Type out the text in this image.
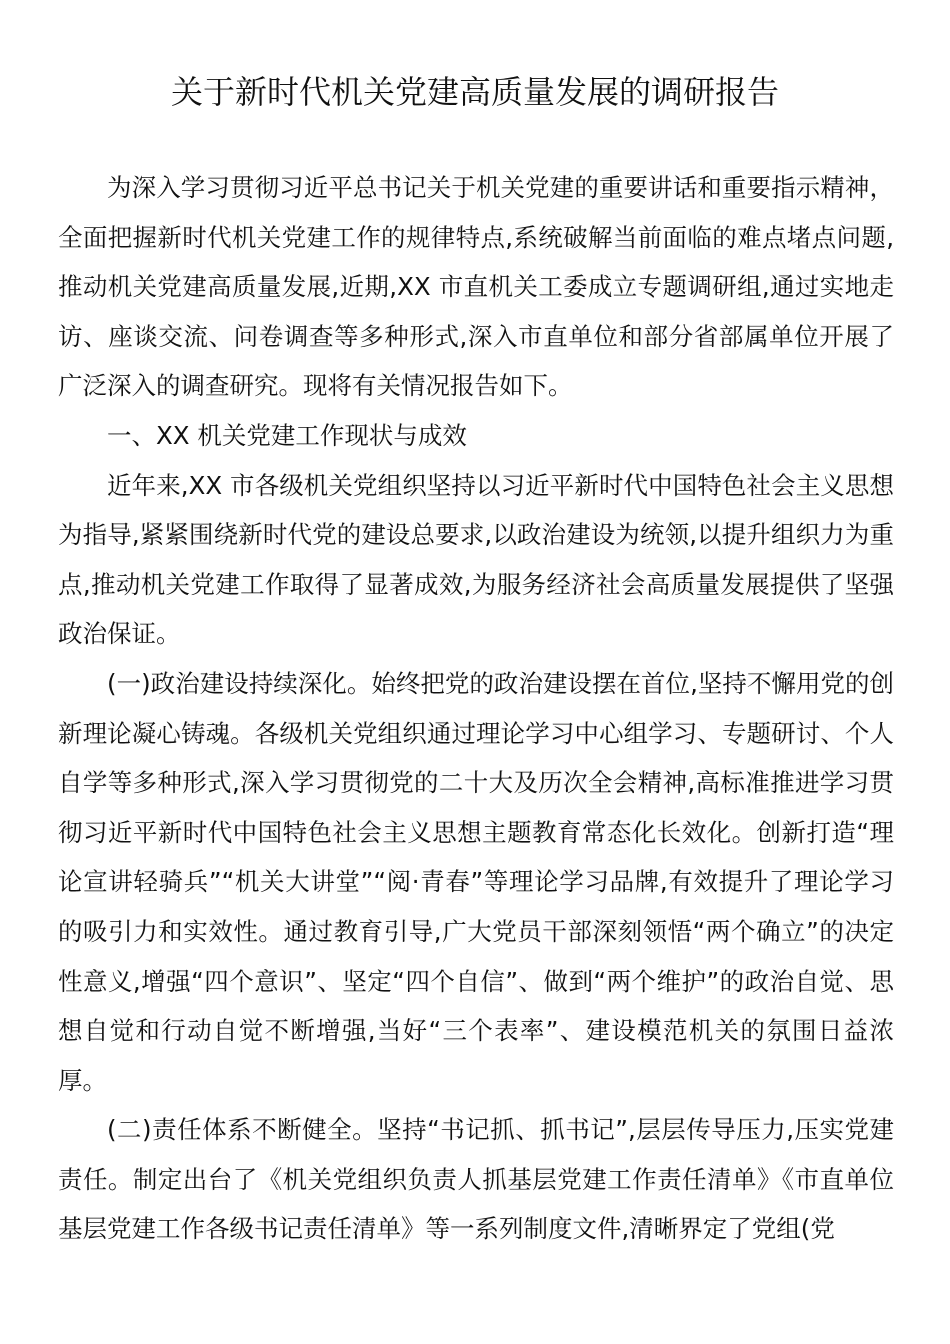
关于新时代机关党建高质量发展的调研报告

为深入学习贯彻习近平总书记关于机关党建的重要讲话和重要指示精神，全面把握新时代机关党建工作的规律特点,系统破解当前面临的难点堵点问题,推动机关党建高质量发展,近期,XX 市直机关工委成立专题调研组,通过实地走访、座谈交流、问卷调查等多种形式,深入市直单位和部分省部属单位开展了广泛深入的调查研究。现将有关情况报告如下。

一、XX 机关党建工作现状与成效

近年来,XX 市各级机关党组织坚持以习近平新时代中国特色社会主义思想为指导,紧紧围绕新时代党的建设总要求,以政治建设为统领,以提升组织力为重点,推动机关党建工作取得了显著成效,为服务经济社会高质量发展提供了坚强政治保证。

(一)政治建设持续深化。始终把党的政治建设摆在首位,坚持不懈用党的创新理论凝心铸魂。各级机关党组织通过理论学习中心组学习、专题研讨、个人自学等多种形式,深入学习贯彻党的二十大及历次全会精神,高标准推进学习贯彻习近平新时代中国特色社会主义思想主题教育常态化长效化。创新打造“理论宣讲轻骑兵”“机关大讲堂”“阅·青春”等理论学习品牌,有效提升了理论学习的吸引力和实效性。通过教育引导,广大党员干部深刻领悟“两个确立”的决定性意义,增强“四个意识”、坚定“四个自信”、做到“两个维护”的政治自觉、思想自觉和行动自觉不断增强,当好“三个表率”、建设模范机关的氛围日益浓厚。

(二)责任体系不断健全。坚持“书记抓、抓书记”,层层传导压力,压实党建责任。制定出台了《机关党组织负责人抓基层党建工作责任清单》《市直单位基层党建工作各级书记责任清单》等一系列制度文件,清晰界定了党组(党
